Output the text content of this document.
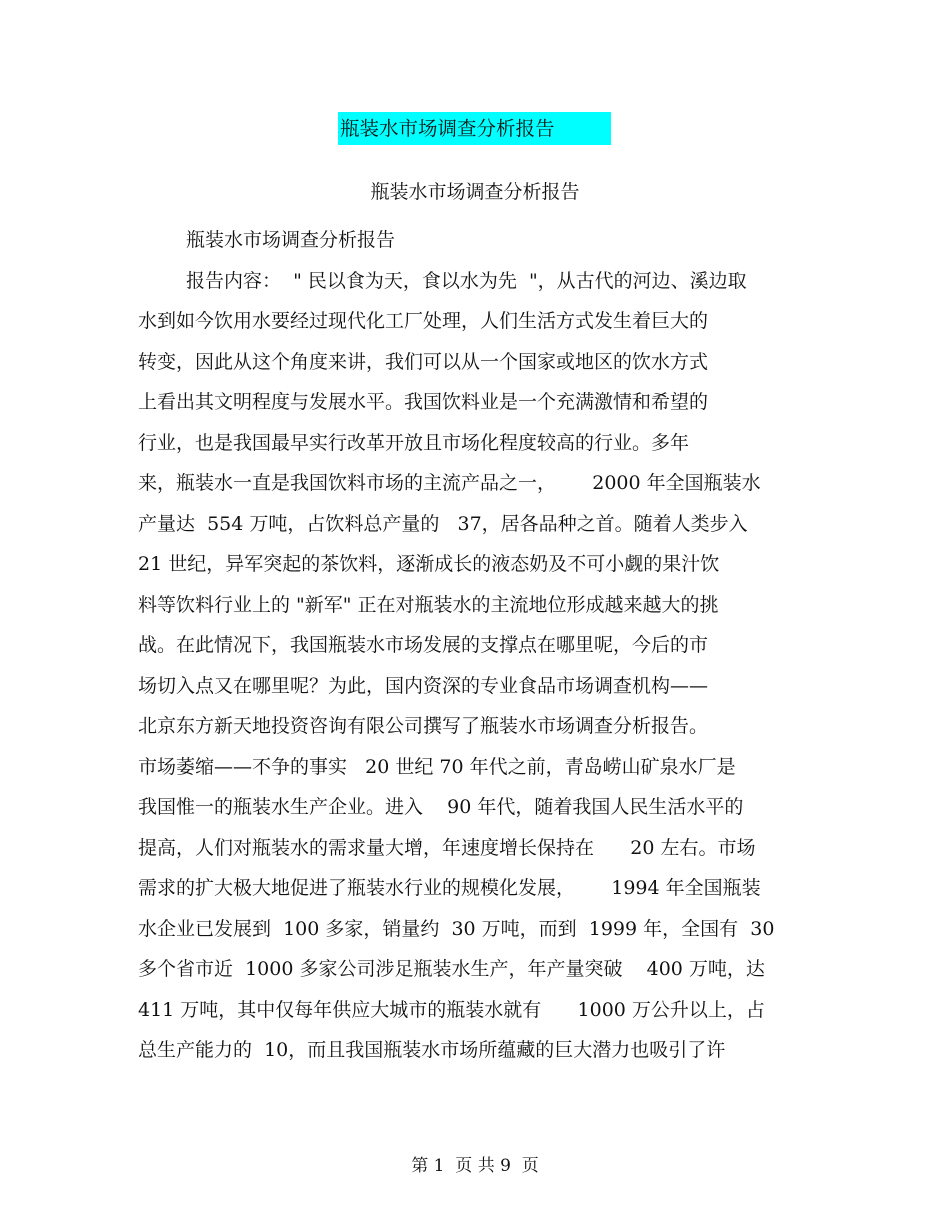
瓶装水市场调查分析报告
瓶装水市场调查分析报告
瓶装水市场调查分析报告
报告内容：  " 民以食为天，食以水为先  "，从古代的河边、溪边取
水到如今饮用水要经过现代化工厂处理，人们生活方式发生着巨大的
转变，因此从这个角度来讲，我们可以从一个国家或地区的饮水方式
上看出其文明程度与发展水平。我国饮料业是一个充满激情和希望的
行业，也是我国最早实行改革开放且市场化程度较高的行业。多年
来，瓶装水一直是我国饮料市场的主流产品之一，      2000 年全国瓶装水
产量达  554 万吨，占饮料总产量的   37，居各品种之首。随着人类步入
21 世纪，异军突起的茶饮料，逐渐成长的液态奶及不可小觑的果汁饮
料等饮料行业上的 "新军" 正在对瓶装水的主流地位形成越来越大的挑
战。在此情况下，我国瓶装水市场发展的支撑点在哪里呢，今后的市
场切入点又在哪里呢？为此，国内资深的专业食品市场调查机构——
北京东方新天地投资咨询有限公司撰写了瓶装水市场调查分析报告。
市场萎缩——不争的事实   20 世纪 70 年代之前，青岛崂山矿泉水厂是
我国惟一的瓶装水生产企业。进入    90 年代，随着我国人民生活水平的
提高，人们对瓶装水的需求量大增，年速度增长保持在      20 左右。市场
需求的扩大极大地促进了瓶装水行业的规模化发展，      1994 年全国瓶装
水企业已发展到  100 多家，销量约  30 万吨，而到  1999 年，全国有  30
多个省市近  1000 多家公司涉足瓶装水生产，年产量突破    400 万吨，达
411 万吨，其中仅每年供应大城市的瓶装水就有      1000 万公升以上，占
总生产能力的  10，而且我国瓶装水市场所蕴藏的巨大潜力也吸引了许
第 1  页 共 9  页
